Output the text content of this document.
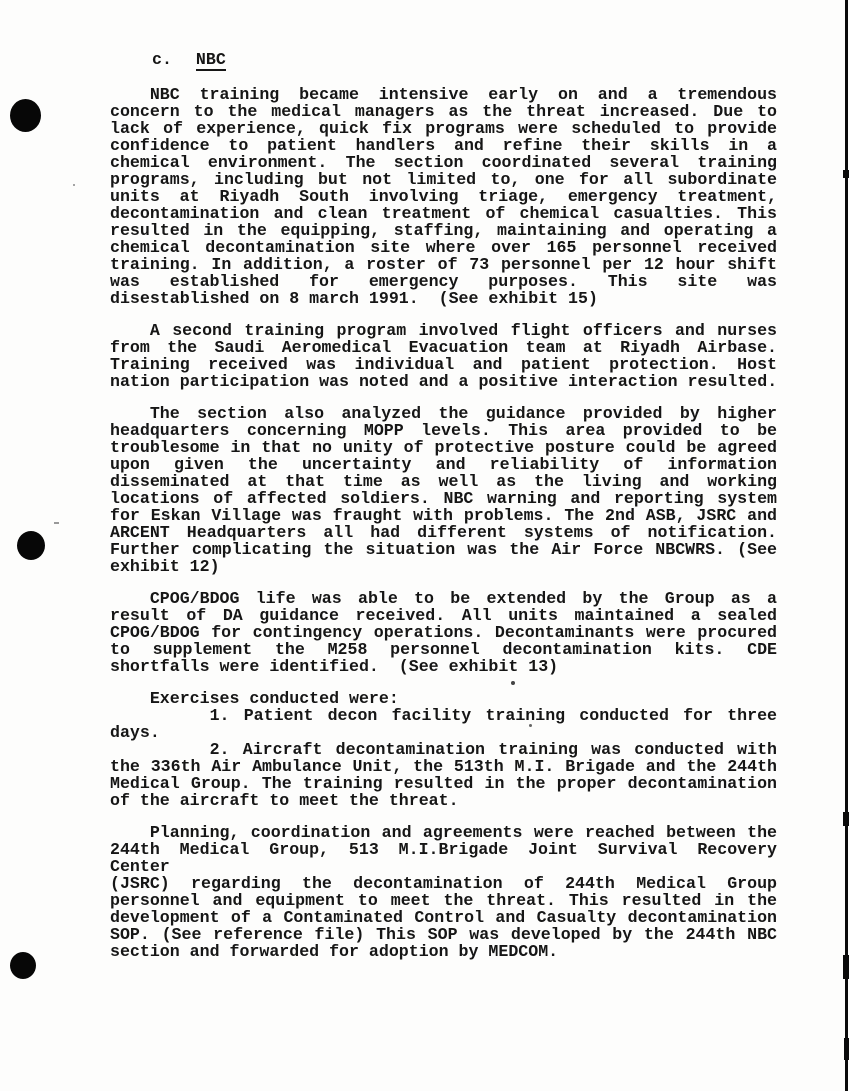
c. NBC
NBC training became intensive early on and a tremendous
concern to the medical managers as the threat increased. Due to
lack of experience, quick fix programs were scheduled to provide
confidence to patient handlers and refine their skills in a
chemical environment. The section coordinated several training
programs, including but not limited to, one for all subordinate
units at Riyadh South involving triage, emergency treatment,
decontamination and clean treatment of chemical casualties. This
resulted in the equipping, staffing, maintaining and operating a
chemical decontamination site where over 165 personnel received
training. In addition, a roster of 73 personnel per 12 hour shift
was established for emergency purposes. This site was
disestablished on 8 march 1991.  (See exhibit 15)
A second training program involved flight officers and nurses
from the Saudi Aeromedical Evacuation team at Riyadh Airbase.
Training received was individual and patient protection. Host
nation participation was noted and a positive interaction resulted.
The section also analyzed the guidance provided by higher
headquarters concerning MOPP levels. This area provided to be
troublesome in that no unity of protective posture could be agreed
upon given the uncertainty and reliability of information
disseminated at that time as well as the living and working
locations of affected soldiers. NBC warning and reporting system
for Eskan Village was fraught with problems. The 2nd ASB, JSRC and
ARCENT Headquarters all had different systems of notification.
Further complicating the situation was the Air Force NBCWRS. (See
exhibit 12)
CPOG/BDOG life was able to be extended by the Group as a
result of DA guidance received. All units maintained a sealed
CPOG/BDOG for contingency operations. Decontaminants were procured
to supplement the M258 personnel decontamination kits. CDE
shortfalls were identified.  (See exhibit 13)
Exercises conducted were:
1. Patient decon facility training conducted for three
days.
2. Aircraft decontamination training was conducted with
the 336th Air Ambulance Unit, the 513th M.I. Brigade and the 244th
Medical Group. The training resulted in the proper decontamination
of the aircraft to meet the threat.
Planning, coordination and agreements were reached between the
244th Medical Group, 513 M.I.Brigade Joint Survival Recovery Center
(JSRC) regarding the decontamination of 244th Medical Group
personnel and equipment to meet the threat. This resulted in the
development of a Contaminated Control and Casualty decontamination
SOP. (See reference file) This SOP was developed by the 244th NBC
section and forwarded for adoption by MEDCOM.
